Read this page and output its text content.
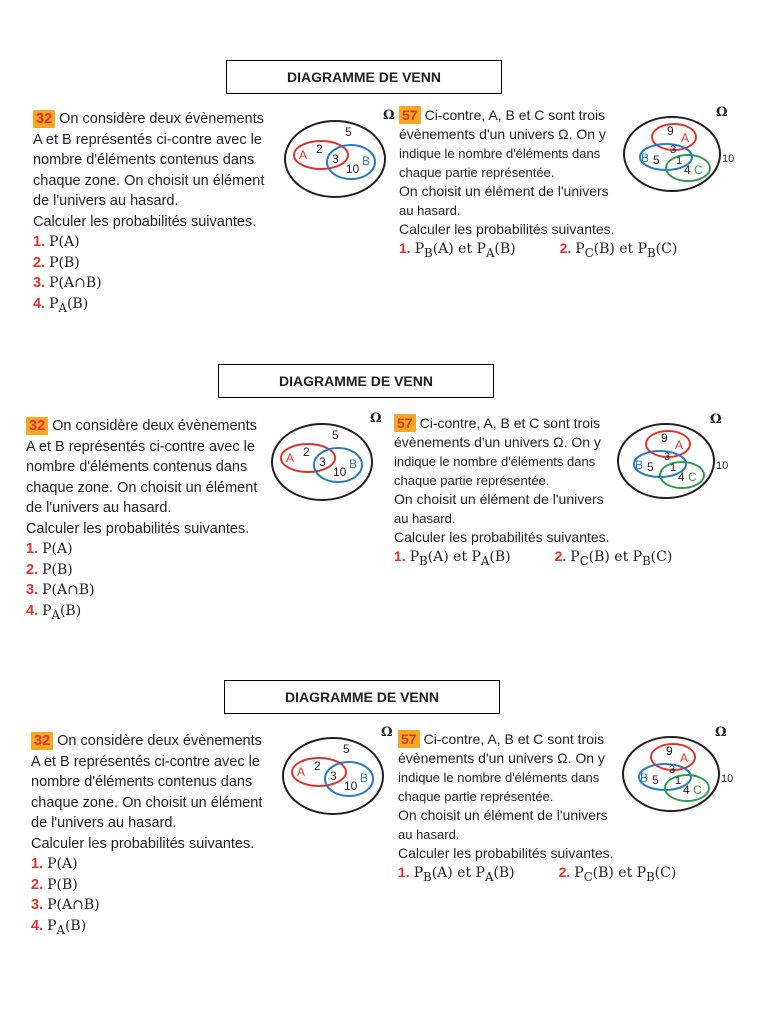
DIAGRAMME DE VENN
32 On considère deux évènements
A et B représentés ci-contre avec le
nombre d'éléments contenus dans
chaque zone. On choisit un élément
de l'univers au hasard.
Calculer les probabilités suivantes.
1. P(A)
2. P(B)
3. P(A∩B)
4. $P_A(B)$
Ω
5
A 2
3
10
B
57 Ci-contre, A, B et C sont trois
évènements d'un univers Ω. On y
indique le nombre d'éléments dans
chaque partie représentée.
On choisit un élément de l'univers
au hasard.
Calculer les probabilités suivantes.
1. $P_B(A)$ et $P_A(B)$	2. $P_C(B)$ et $P_B(C)$
Ω
9 A
3
B 5 1
4 C
10
DIAGRAMME DE VENN
32 On considère deux évènements
A et B représentés ci-contre avec le
nombre d'éléments contenus dans
chaque zone. On choisit un élément
de l'univers au hasard.
Calculer les probabilités suivantes.
1. P(A)
2. P(B)
3. P(A∩B)
4. $P_A(B)$
Ω
5
A 2
3
10
B
57 Ci-contre, A, B et C sont trois
évènements d'un univers Ω. On y
indique le nombre d'éléments dans
chaque partie représentée.
On choisit un élément de l'univers
au hasard.
Calculer les probabilités suivantes.
1. $P_B(A)$ et $P_A(B)$	2. $P_C(B)$ et $P_B(C)$
Ω
9 A
3
B 5 1
4 C
10
DIAGRAMME DE VENN
32 On considère deux évènements
A et B représentés ci-contre avec le
nombre d'éléments contenus dans
chaque zone. On choisit un élément
de l'univers au hasard.
Calculer les probabilités suivantes.
1. P(A)
2. P(B)
3. P(A∩B)
4. $P_A(B)$
Ω
5
A 2
3
10
B
57 Ci-contre, A, B et C sont trois
évènements d'un univers Ω. On y
indique le nombre d'éléments dans
chaque partie représentée.
On choisit un élément de l'univers
au hasard.
Calculer les probabilités suivantes.
1. $P_B(A)$ et $P_A(B)$	2. $P_C(B)$ et $P_B(C)$
Ω
9 A
3
B 5 1
4 C
10
